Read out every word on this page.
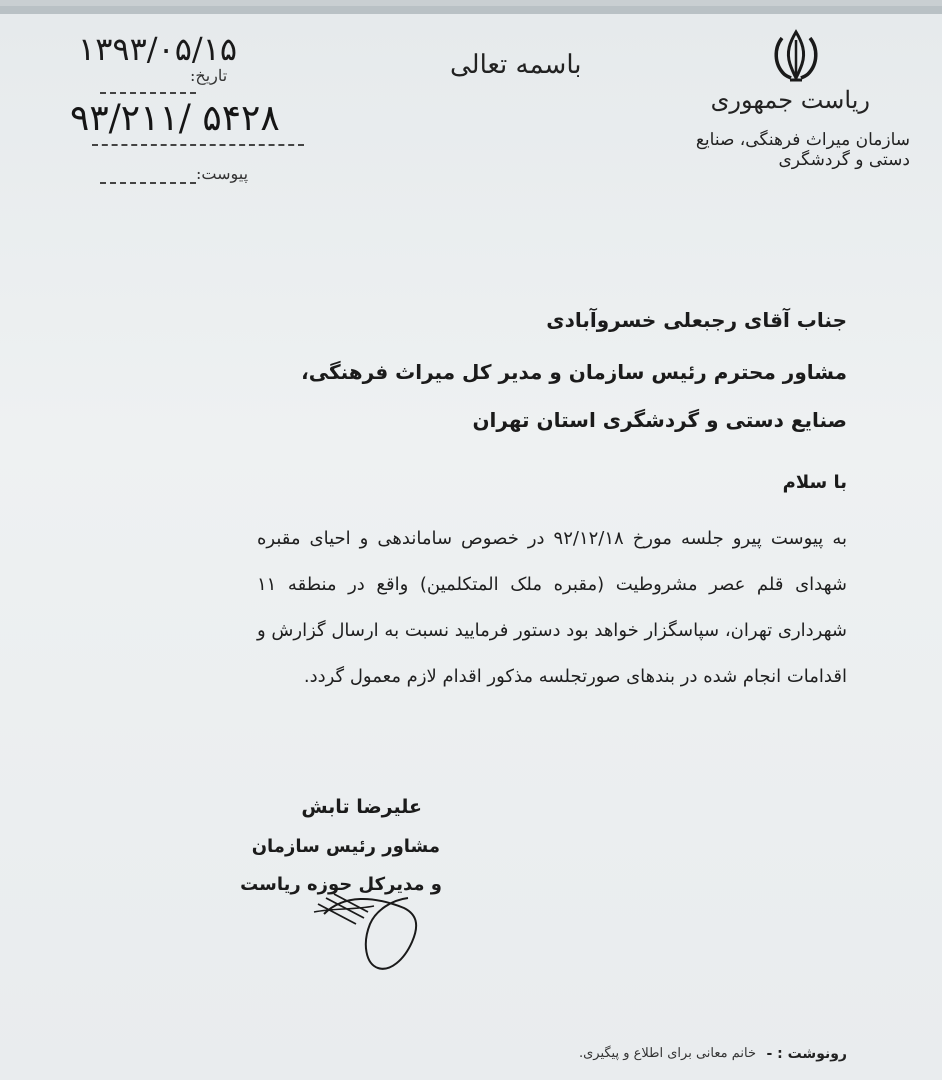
۱۳۹۳/۰۵/۱۵
تاریخ:
۹۳/۲۱۱/ ۵۴۲۸
پیوست:
باسمه تعالی
ریاست جمهوری
سازمان میراث فرهنگی، صنایع دستی و گردشگری
جناب آقای رجبعلی خسروآبادی
مشاور محترم رئیس سازمان و مدیر کل میراث فرهنگی، صنایع دستی و گردشگری استان تهران
با سلام
به پیوست پیرو جلسه مورخ ۹۲/۱۲/۱۸ در خصوص ساماندهی و احیای مقبره شهدای قلم عصر مشروطیت (مقبره ملک المتکلمین) واقع در منطقه ۱۱ شهرداری تهران، سپاسگزار خواهد بود دستور فرمایید نسبت به ارسال گزارش و اقدامات انجام شده در بندهای صورتجلسه مذکور اقدام لازم معمول گردد.
علیرضا تابش
مشاور رئیس سازمان
و مدیرکل حوزه ریاست
رونوشت : -
خانم معانی برای اطلاع و پیگیری.
